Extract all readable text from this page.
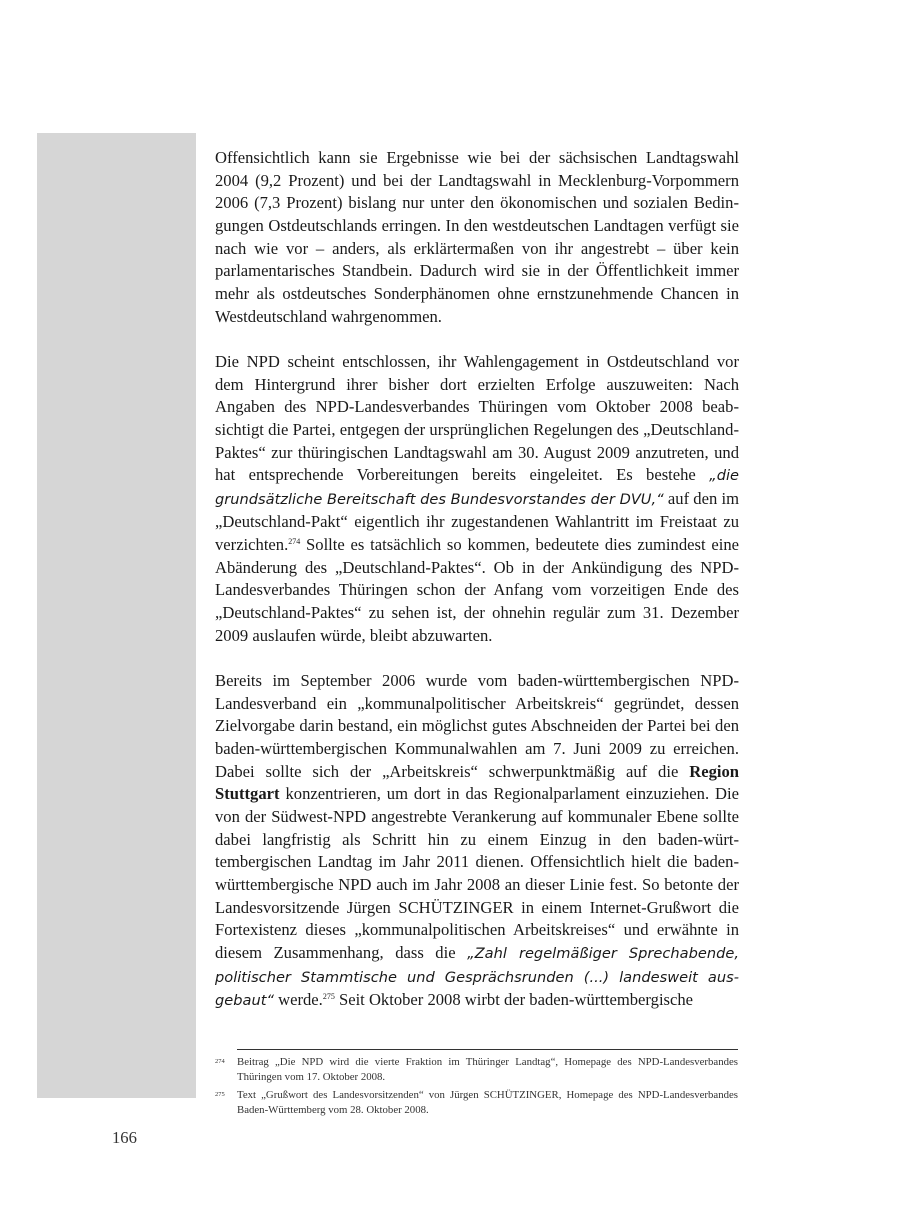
Offensichtlich kann sie Ergebnisse wie bei der sächsischen Landtagswahl 2004 (9,2 Prozent) und bei der Landtagswahl in Mecklenburg-Vorpommern 2006 (7,3 Prozent) bislang nur unter den ökonomischen und sozialen Bedingungen Ostdeutschlands erringen. In den westdeutschen Landtagen verfügt sie nach wie vor – anders, als erklärtermaßen von ihr angestrebt – über kein parlamentarisches Standbein. Dadurch wird sie in der Öffentlichkeit immer mehr als ostdeutsches Sonderphänomen ohne ernstzunehmende Chancen in Westdeutschland wahrgenommen.

Die NPD scheint entschlossen, ihr Wahlengagement in Ostdeutschland vor dem Hintergrund ihrer bisher dort erzielten Erfolge auszuweiten: Nach Angaben des NPD-Landesverbandes Thüringen vom Oktober 2008 beabsichtigt die Partei, entgegen der ursprünglichen Regelungen des „Deutschland-Paktes“ zur thüringischen Landtagswahl am 30. August 2009 anzutreten, und hat entsprechende Vorbereitungen bereits eingeleitet. Es bestehe „die grundsätzliche Bereitschaft des Bundesvorstandes der DVU,“ auf den im „Deutschland-Pakt“ eigentlich ihr zugestandenen Wahlantritt im Freistaat zu verzichten.$^{274}$ Sollte es tatsächlich so kommen, bedeutete dies zumindest eine Abänderung des „Deutschland-Paktes“. Ob in der Ankündigung des NPD-Landesverbandes Thüringen schon der Anfang vom vorzeitigen Ende des „Deutschland-Paktes“ zu sehen ist, der ohnehin regulär zum 31. Dezember 2009 auslaufen würde, bleibt abzuwarten.

Bereits im September 2006 wurde vom baden-württembergischen NPD-Landesverband ein „kommunalpolitischer Arbeitskreis“ gegründet, dessen Zielvorgabe darin bestand, ein möglichst gutes Abschneiden der Partei bei den baden-württembergischen Kommunalwahlen am 7. Juni 2009 zu erreichen. Dabei sollte sich der „Arbeitskreis“ schwerpunktmäßig auf die Region Stuttgart konzentrieren, um dort in das Regionalparlament einzuziehen. Die von der Südwest-NPD angestrebte Verankerung auf kommunaler Ebene sollte dabei langfristig als Schritt hin zu einem Einzug in den baden-württembergischen Landtag im Jahr 2011 dienen. Offensichtlich hielt die badenwürttembergische NPD auch im Jahr 2008 an dieser Linie fest. So betonte der Landesvorsitzende Jürgen SCHÜTZINGER in einem Internet-Grußwort die Fortexistenz dieses „kommunalpolitischen Arbeitskreises“ und erwähnte in diesem Zusammenhang, dass die „Zahl regelmäßiger Sprechabende, politischer Stammtische und Gesprächsrunden (...) landesweit ausgebaut“ werde.$^{275}$ Seit Oktober 2008 wirbt der baden-württembergische

274 Beitrag „Die NPD wird die vierte Fraktion im Thüringer Landtag“, Homepage des NPD-Landesverbandes Thüringen vom 17. Oktober 2008.
275 Text „Grußwort des Landesvorsitzenden“ von Jürgen SCHÜTZINGER, Homepage des NPD-Landesverbandes Baden-Württemberg vom 28. Oktober 2008.
166
